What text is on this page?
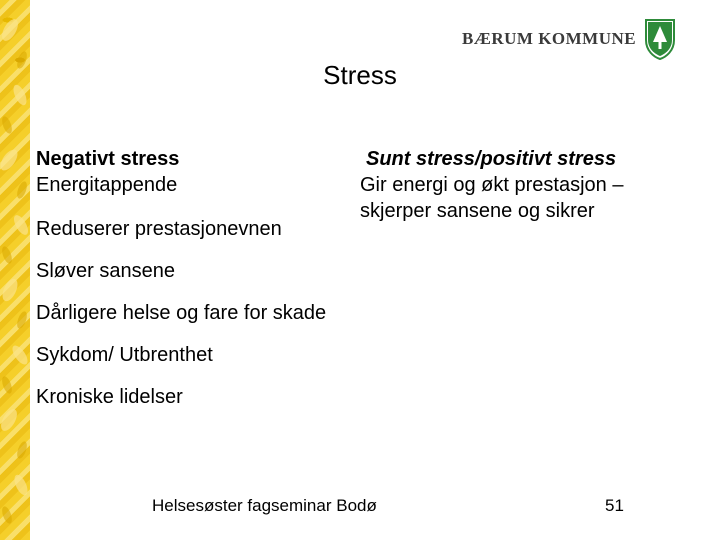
BÆRUM KOMMUNE
Stress
Negativt stress
Energitappende
Reduserer prestasjonevnen
Sløver sansene
Dårligere helse og fare for skade
Sykdom/ Utbrenthet
Kroniske lidelser
Sunt stress/positivt stress
Gir energi og økt prestasjon – skjerper sansene og sikrer
Helsesøster fagseminar Bodø	51
